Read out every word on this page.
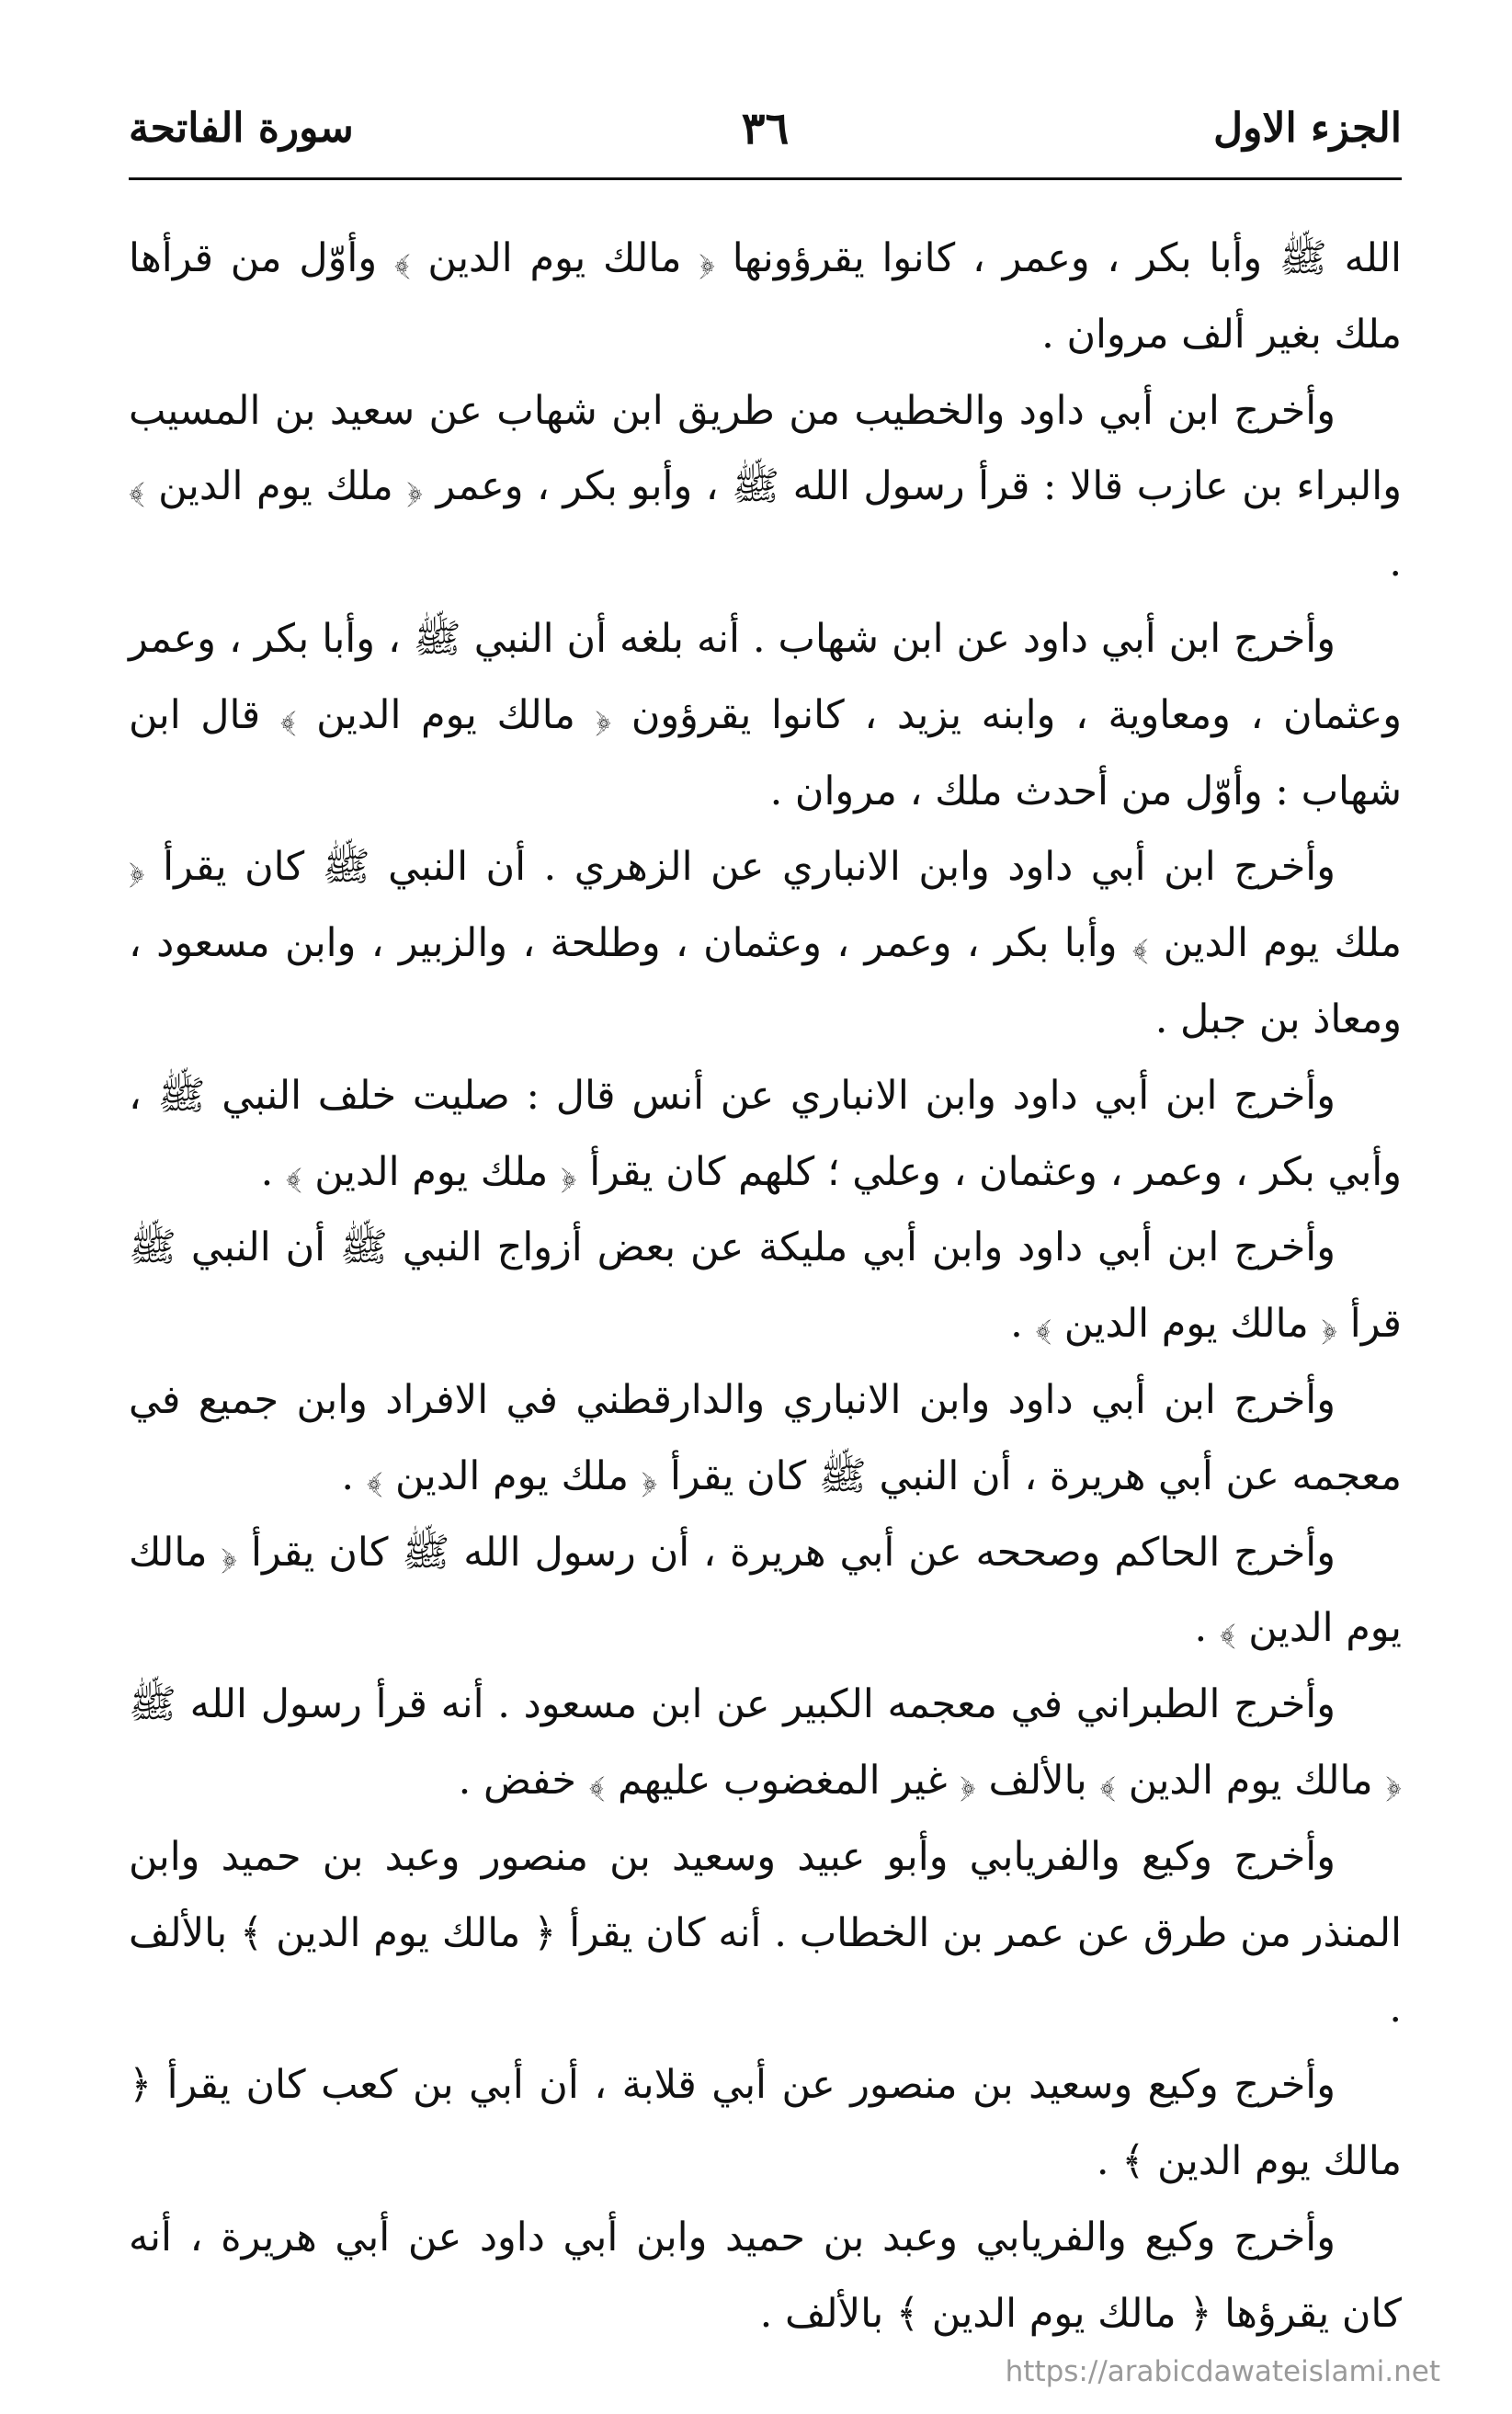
الجزء الاول
٣٦
سورة الفاتحة

الله ﷺ وأبا بكر ، وعمر ، كانوا يقرؤونها ﴿ مالك يوم الدين ﴾ وأوّل من قرأها ملك بغير ألف مروان .

وأخرج ابن أبي داود والخطيب من طريق ابن شهاب عن سعيد بن المسيب والبراء بن عازب قالا : قرأ رسول الله ﷺ ، وأبو بكر ، وعمر ﴿ ملك يوم الدين ﴾ .

وأخرج ابن أبي داود عن ابن شهاب . أنه بلغه أن النبي ﷺ ، وأبا بكر ، وعمر وعثمان ، ومعاوية ، وابنه يزيد ، كانوا يقرؤون ﴿ مالك يوم الدين ﴾ قال ابن شهاب : وأوّل من أحدث ملك ، مروان .

وأخرج ابن أبي داود وابن الانباري عن الزهري . أن النبي ﷺ كان يقرأ ﴿ ملك يوم الدين ﴾ وأبا بكر ، وعمر ، وعثمان ، وطلحة ، والزبير ، وابن مسعود ، ومعاذ بن جبل .

وأخرج ابن أبي داود وابن الانباري عن أنس قال : صليت خلف النبي ﷺ ، وأبي بكر ، وعمر ، وعثمان ، وعلي ؛ كلهم كان يقرأ ﴿ ملك يوم الدين ﴾ .

وأخرج ابن أبي داود وابن أبي مليكة عن بعض أزواج النبي ﷺ أن النبي ﷺ قرأ ﴿ مالك يوم الدين ﴾ .

وأخرج ابن أبي داود وابن الانباري والدارقطني في الافراد وابن جميع في معجمه عن أبي هريرة ، أن النبي ﷺ كان يقرأ ﴿ ملك يوم الدين ﴾ .

وأخرج الحاكم وصححه عن أبي هريرة ، أن رسول الله ﷺ كان يقرأ ﴿ مالك يوم الدين ﴾ .

وأخرج الطبراني في معجمه الكبير عن ابن مسعود . أنه قرأ رسول الله ﷺ ﴿ مالك يوم الدين ﴾ بالألف ﴿ غير المغضوب عليهم ﴾ خفض .

وأخرج وكيع والفريابي وأبو عبيد وسعيد بن منصور وعبد بن حميد وابن المنذر من طرق عن عمر بن الخطاب . أنه كان يقرأ ﴿ مالك يوم الدين ﴾ بالألف .

وأخرج وكيع وسعيد بن منصور عن أبي قلابة ، أن أبي بن كعب كان يقرأ ﴿ مالك يوم الدين ﴾ .

وأخرج وكيع والفريابي وعبد بن حميد وابن أبي داود عن أبي هريرة ، أنه كان يقرؤها ﴿ مالك يوم الدين ﴾ بالألف .

https://arabicdawateislami.net
